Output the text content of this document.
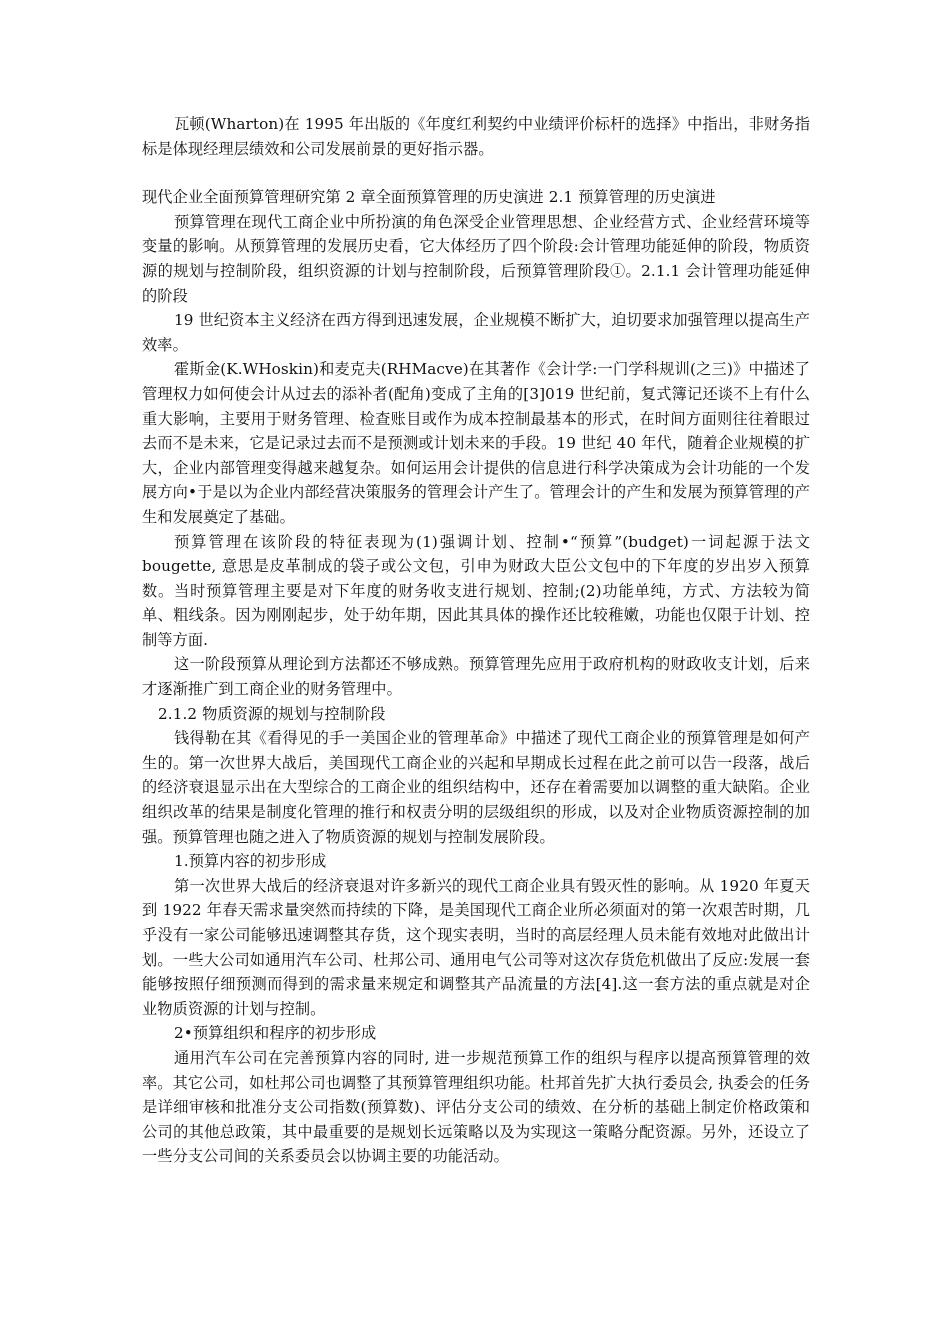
瓦顿(Wharton)在 1995 年出版的《年度红利契约中业绩评价标杆的选择》中指出，非财务指标是体现经理层绩效和公司发展前景的更好指示器。

现代企业全面预算管理研究第 2 章全面预算管理的历史演进 2.1 预算管理的历史演进

预算管理在现代工商企业中所扮演的角色深受企业管理思想、企业经营方式、企业经营环境等变量的影响。从预算管理的发展历史看，它大体经历了四个阶段:会计管理功能延伸的阶段，物质资源的规划与控制阶段，组织资源的计划与控制阶段，后预算管理阶段①。2.1.1 会计管理功能延伸的阶段

19 世纪资本主义经济在西方得到迅速发展，企业规模不断扩大，迫切要求加强管理以提高生产效率。

霍斯金(K.WHoskin)和麦克夫(RHMacve)在其著作《会计学:一门学科规训(之三)》中描述了管理权力如何使会计从过去的添补者(配角)变成了主角的[3]019 世纪前，复式簿记还谈不上有什么重大影响，主要用于财务管理、检查账目或作为成本控制最基本的形式，在时间方面则往往着眼过去而不是未来，它是记录过去而不是预测或计划未来的手段。19 世纪 40 年代，随着企业规模的扩大，企业内部管理变得越来越复杂。如何运用会计提供的信息进行科学决策成为会计功能的一个发展方向•于是以为企业内部经营决策服务的管理会计产生了。管理会计的产生和发展为预算管理的产生和发展奠定了基础。

预算管理在该阶段的特征表现为(1)强调计划、控制•“预算”(budget)一词起源于法文 bougette, 意思是皮革制成的袋子或公文包，引申为财政大臣公文包中的下年度的岁出岁入预算数。当时预算管理主要是对下年度的财务收支进行规划、控制;(2)功能单纯，方式、方法较为简单、粗线条。因为刚刚起步，处于幼年期，因此其具体的操作还比较稚嫩，功能也仅限于计划、控制等方面.

这一阶段预算从理论到方法都还不够成熟。预算管理先应用于政府机构的财政收支计划，后来才逐渐推广到工商企业的财务管理中。

2.1.2 物质资源的规划与控制阶段

钱得勒在其《看得见的手一美国企业的管理革命》中描述了现代工商企业的预算管理是如何产生的。第一次世界大战后，美国现代工商企业的兴起和早期成长过程在此之前可以告一段落，战后的经济衰退显示出在大型综合的工商企业的组织结构中，还存在着需要加以调整的重大缺陷。企业组织改革的结果是制度化管理的推行和权责分明的层级组织的形成，以及对企业物质资源控制的加强。预算管理也随之进入了物质资源的规划与控制发展阶段。

1.预算内容的初步形成

第一次世界大战后的经济衰退对许多新兴的现代工商企业具有毁灭性的影响。从 1920 年夏天到 1922 年春天需求量突然而持续的下降，是美国现代工商企业所必须面对的第一次艰苦时期，几乎没有一家公司能够迅速调整其存货，这个现实表明，当时的高层经理人员未能有效地对此做出计划。一些大公司如通用汽车公司、杜邦公司、通用电气公司等对这次存货危机做出了反应:发展一套能够按照仔细预测而得到的需求量来规定和调整其产品流量的方法[4].这一套方法的重点就是对企业物质资源的计划与控制。

2•预算组织和程序的初步形成

通用汽车公司在完善预算内容的同时, 进一步规范预算工作的组织与程序以提高预算管理的效率。其它公司，如杜邦公司也调整了其预算管理组织功能。杜邦首先扩大执行委员会, 执委会的任务是详细审核和批准分支公司指数(预算数)、评估分支公司的绩效、在分析的基础上制定价格政策和公司的其他总政策，其中最重要的是规划长远策略以及为实现这一策略分配资源。另外，还设立了一些分支公司间的关系委员会以协调主要的功能活动。
